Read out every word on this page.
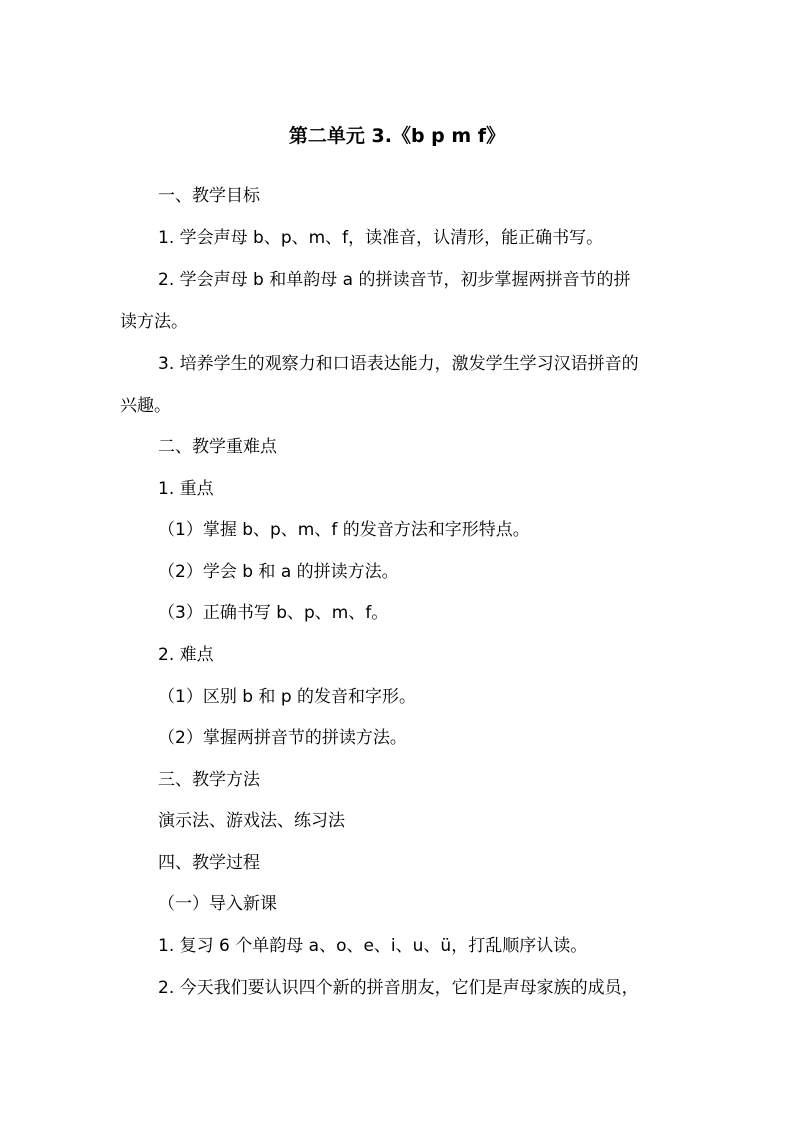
第二单元 3.《b p m f》
一、教学目标
1. 学会声母 b、p、m、f，读准音，认清形，能正确书写。
2. 学会声母 b 和单韵母 a 的拼读音节，初步掌握两拼音节的拼
读方法。
3. 培养学生的观察力和口语表达能力，激发学生学习汉语拼音的
兴趣。
二、教学重难点
1. 重点
（1）掌握 b、p、m、f 的发音方法和字形特点。
（2）学会 b 和 a 的拼读方法。
（3）正确书写 b、p、m、f。
2. 难点
（1）区别 b 和 p 的发音和字形。
（2）掌握两拼音节的拼读方法。
三、教学方法
演示法、游戏法、练习法
四、教学过程
（一）导入新课
1. 复习 6 个单韵母 a、o、e、i、u、ü，打乱顺序认读。
2. 今天我们要认识四个新的拼音朋友，它们是声母家族的成员，
